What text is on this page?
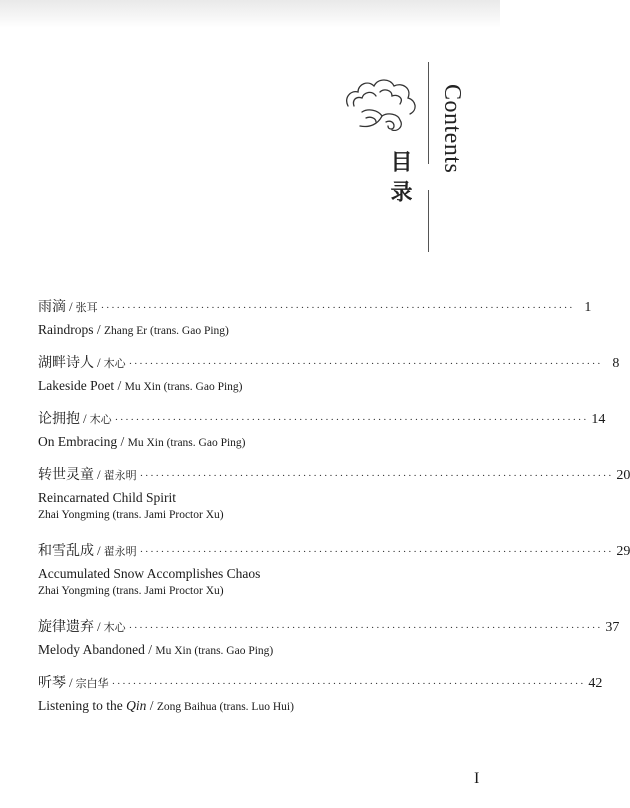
Contents
目录
雨滴 / 张耳 ·························································································· 1
Raindrops / Zhang Er (trans. Gao Ping)
湖畔诗人 / 木心 ·························································································· 8
Lakeside Poet / Mu Xin (trans. Gao Ping)
论拥抱 / 木心 ·························································································· 14
On Embracing / Mu Xin (trans. Gao Ping)
转世灵童 / 翟永明 ·························································································· 20
Reincarnated Child Spirit
Zhai Yongming (trans. Jami Proctor Xu)
和雪乱成 / 翟永明 ·························································································· 29
Accumulated Snow Accomplishes Chaos
Zhai Yongming (trans. Jami Proctor Xu)
旋律遗弃 / 木心 ·························································································· 37
Melody Abandoned / Mu Xin (trans. Gao Ping)
听琴 / 宗白华 ·························································································· 42
Listening to the Qin / Zong Baihua (trans. Luo Hui)
I
